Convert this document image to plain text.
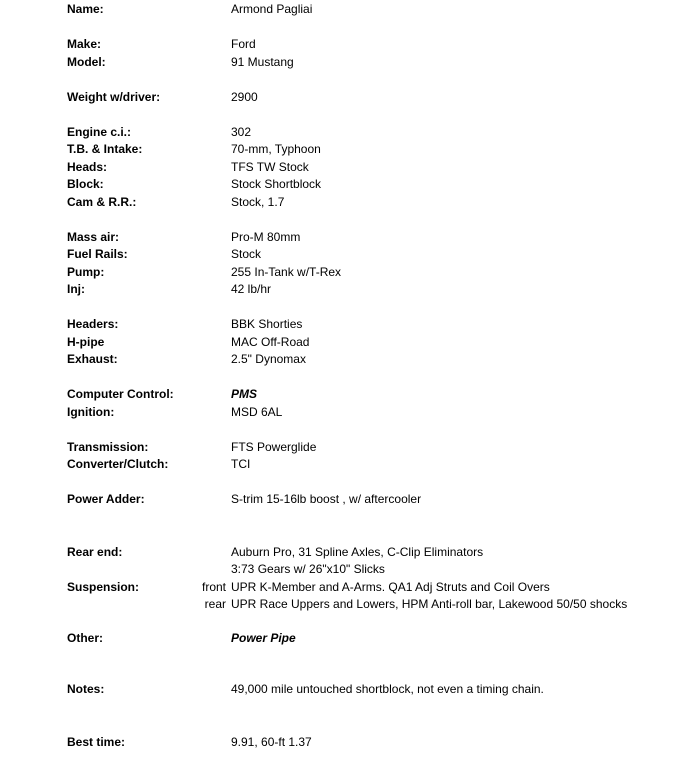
Name:	Armond Pagliai
Make:	Ford
Model:	91 Mustang
Weight w/driver:	2900
Engine c.i.:	302
T.B. & Intake:	70-mm, Typhoon
Heads:	TFS TW Stock
Block:	Stock Shortblock
Cam & R.R.:	Stock, 1.7
Mass air:	Pro-M 80mm
Fuel Rails:	Stock
Pump:	255 In-Tank w/T-Rex
Inj:	42 lb/hr
Headers:	BBK Shorties
H-pipe	MAC Off-Road
Exhaust:	2.5" Dynomax
Computer Control:	PMS
Ignition:	MSD 6AL
Transmission:	FTS Powerglide
Converter/Clutch:	TCI
Power Adder:	S-trim 15-16lb boost , w/ aftercooler
Rear end:	Auburn Pro, 31 Spline Axles, C-Clip Eliminators
3:73 Gears w/ 26"x10" Slicks
Suspension:	front UPR K-Member and A-Arms. QA1 Adj Struts and Coil Overs
rear UPR Race Uppers and Lowers, HPM Anti-roll bar, Lakewood 50/50 shocks
Other:	Power Pipe
Notes:	49,000 mile untouched shortblock, not even a timing chain.
Best time:	9.91, 60-ft 1.37
